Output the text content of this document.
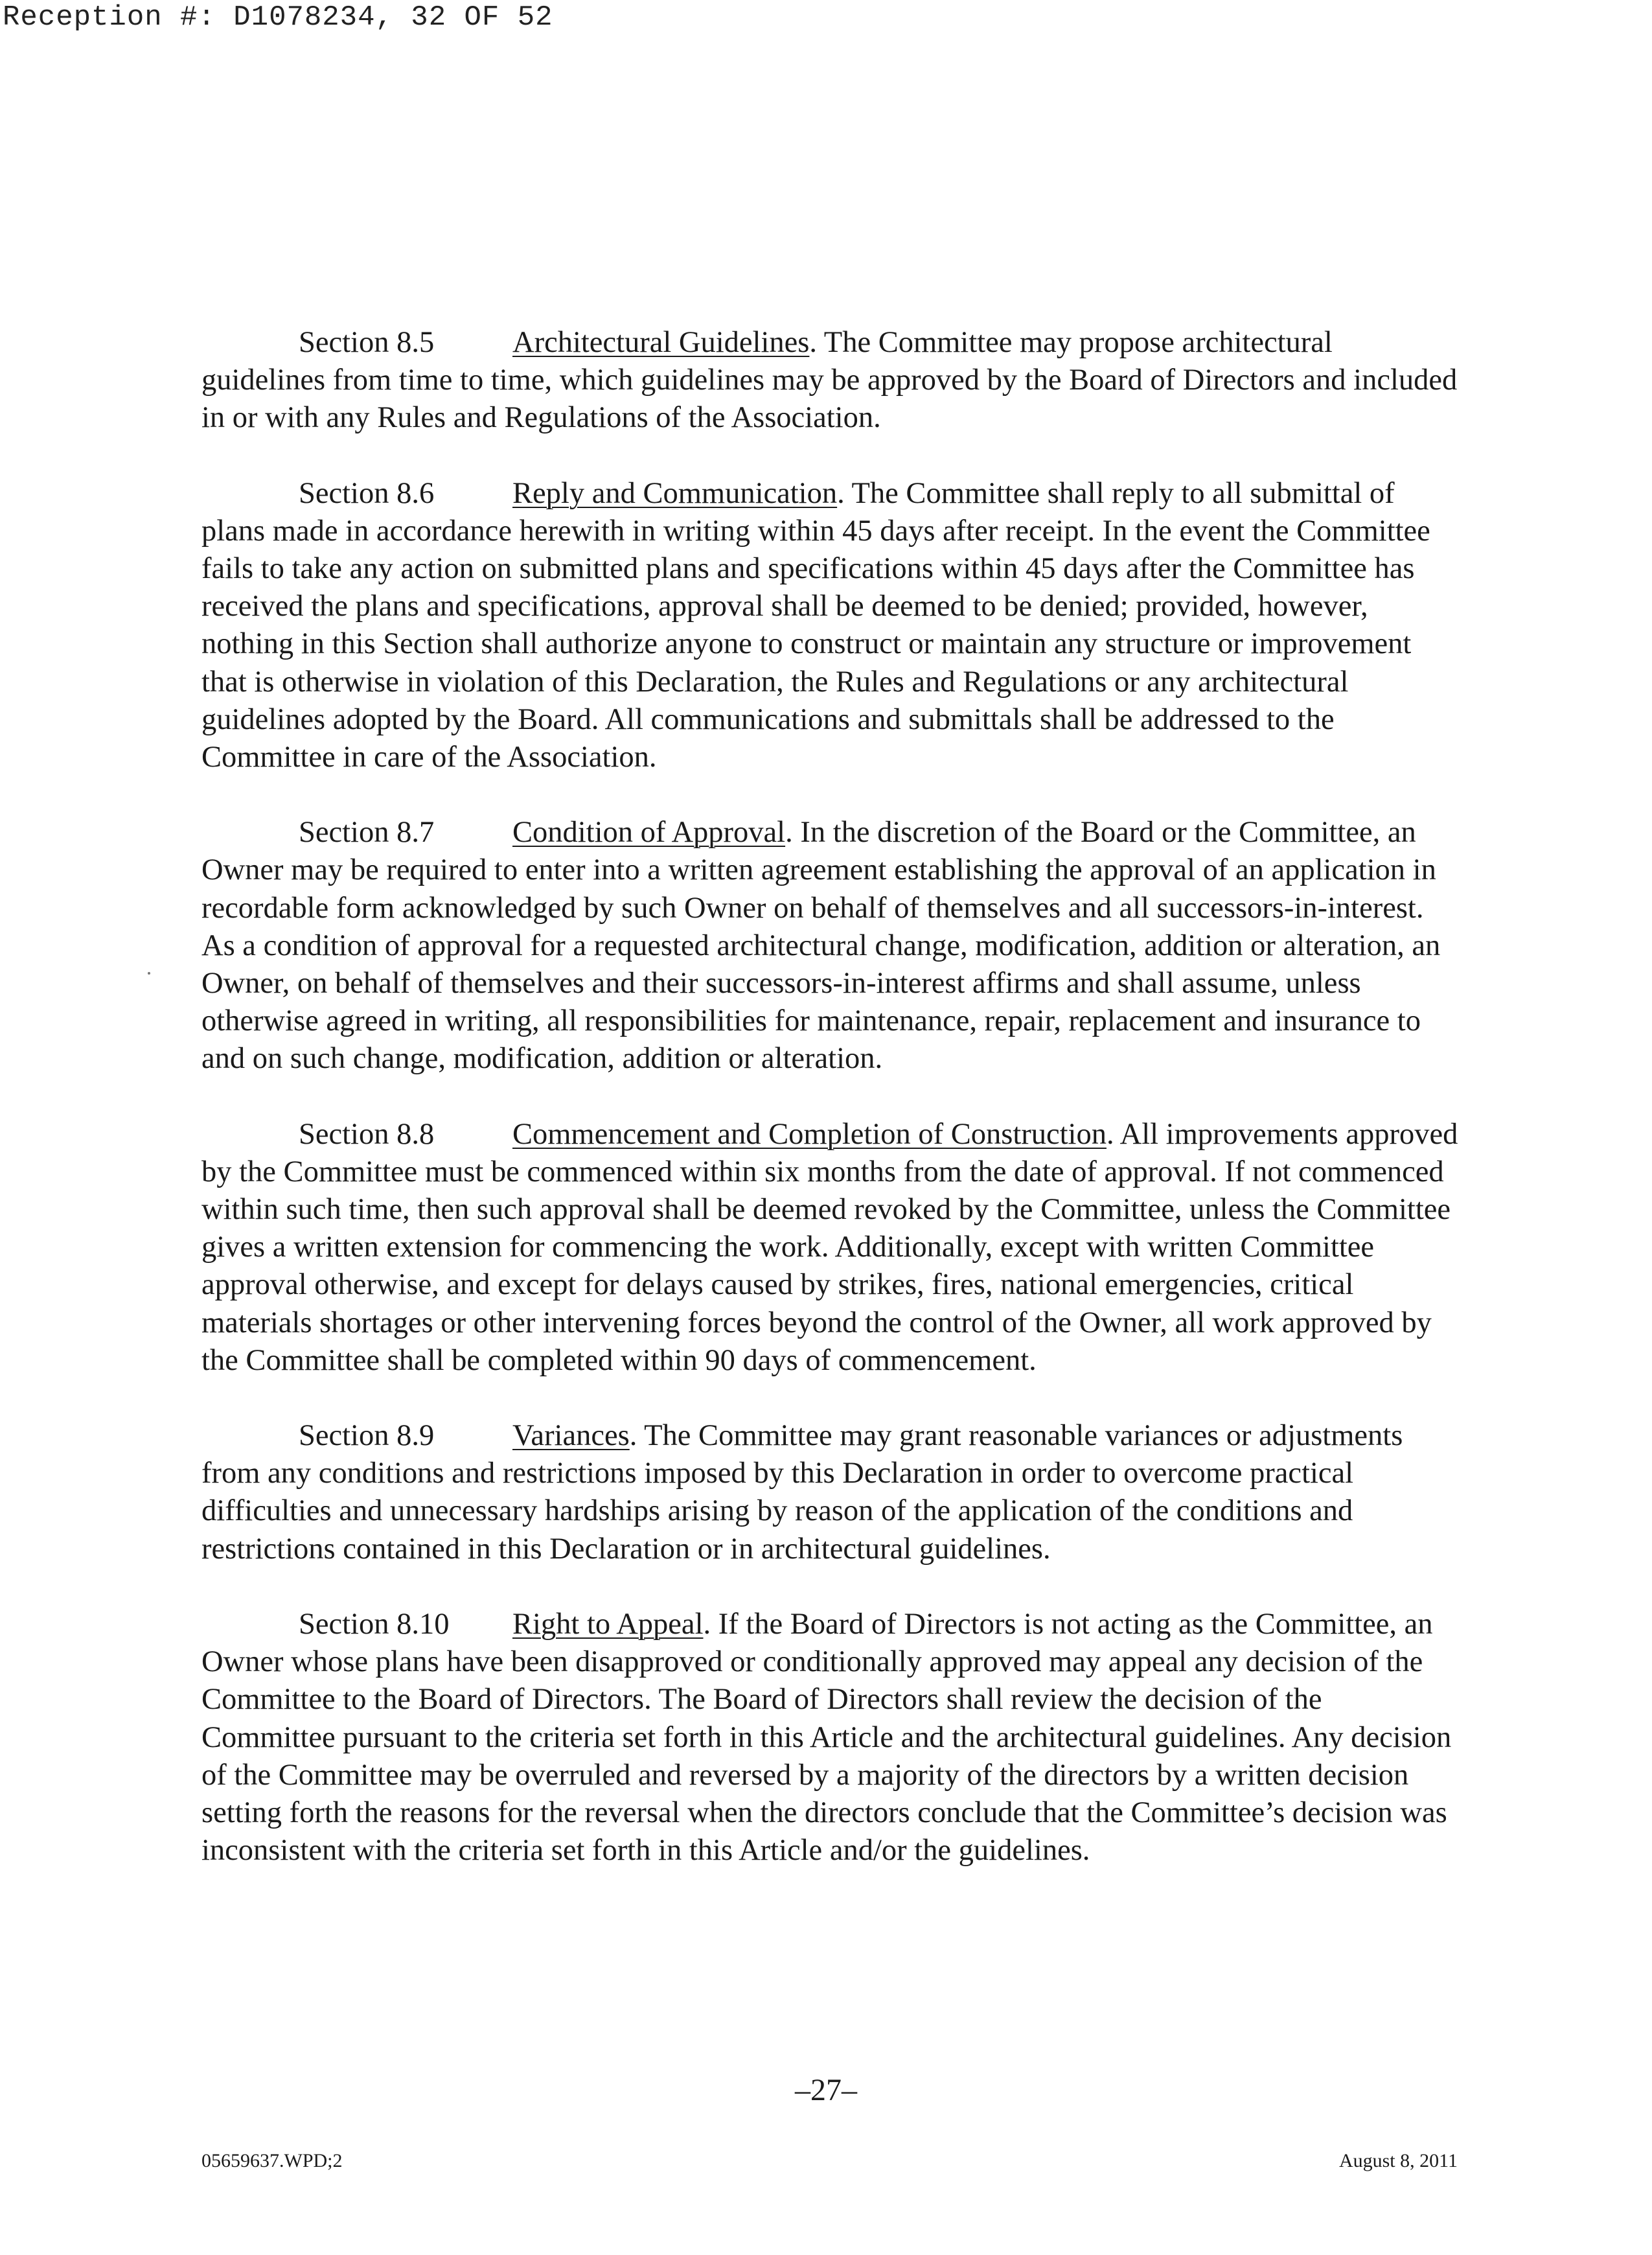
Reception #: D1078234, 32 OF 52

Section 8.5	Architectural Guidelines. The Committee may propose architectural guidelines from time to time, which guidelines may be approved by the Board of Directors and included in or with any Rules and Regulations of the Association.

Section 8.6	Reply and Communication. The Committee shall reply to all submittal of plans made in accordance herewith in writing within 45 days after receipt. In the event the Committee fails to take any action on submitted plans and specifications within 45 days after the Committee has received the plans and specifications, approval shall be deemed to be denied; provided, however, nothing in this Section shall authorize anyone to construct or maintain any structure or improvement that is otherwise in violation of this Declaration, the Rules and Regulations or any architectural guidelines adopted by the Board. All communications and submittals shall be addressed to the Committee in care of the Association.

Section 8.7	Condition of Approval. In the discretion of the Board or the Committee, an Owner may be required to enter into a written agreement establishing the approval of an application in recordable form acknowledged by such Owner on behalf of themselves and all successors-in-interest. As a condition of approval for a requested architectural change, modification, addition or alteration, an Owner, on behalf of themselves and their successors-in-interest affirms and shall assume, unless otherwise agreed in writing, all responsibilities for maintenance, repair, replacement and insurance to and on such change, modification, addition or alteration.

Section 8.8	Commencement and Completion of Construction. All improvements approved by the Committee must be commenced within six months from the date of approval. If not commenced within such time, then such approval shall be deemed revoked by the Committee, unless the Committee gives a written extension for commencing the work. Additionally, except with written Committee approval otherwise, and except for delays caused by strikes, fires, national emergencies, critical materials shortages or other intervening forces beyond the control of the Owner, all work approved by the Committee shall be completed within 90 days of commencement.

Section 8.9	Variances. The Committee may grant reasonable variances or adjustments from any conditions and restrictions imposed by this Declaration in order to overcome practical difficulties and unnecessary hardships arising by reason of the application of the conditions and restrictions contained in this Declaration or in architectural guidelines.

Section 8.10 Right to Appeal. If the Board of Directors is not acting as the Committee, an Owner whose plans have been disapproved or conditionally approved may appeal any decision of the Committee to the Board of Directors. The Board of Directors shall review the decision of the Committee pursuant to the criteria set forth in this Article and the architectural guidelines. Any decision of the Committee may be overruled and reversed by a majority of the directors by a written decision setting forth the reasons for the reversal when the directors conclude that the Committee’s decision was inconsistent with the criteria set forth in this Article and/or the guidelines.

–27–
05659637.WPD;2	August 8, 2011
